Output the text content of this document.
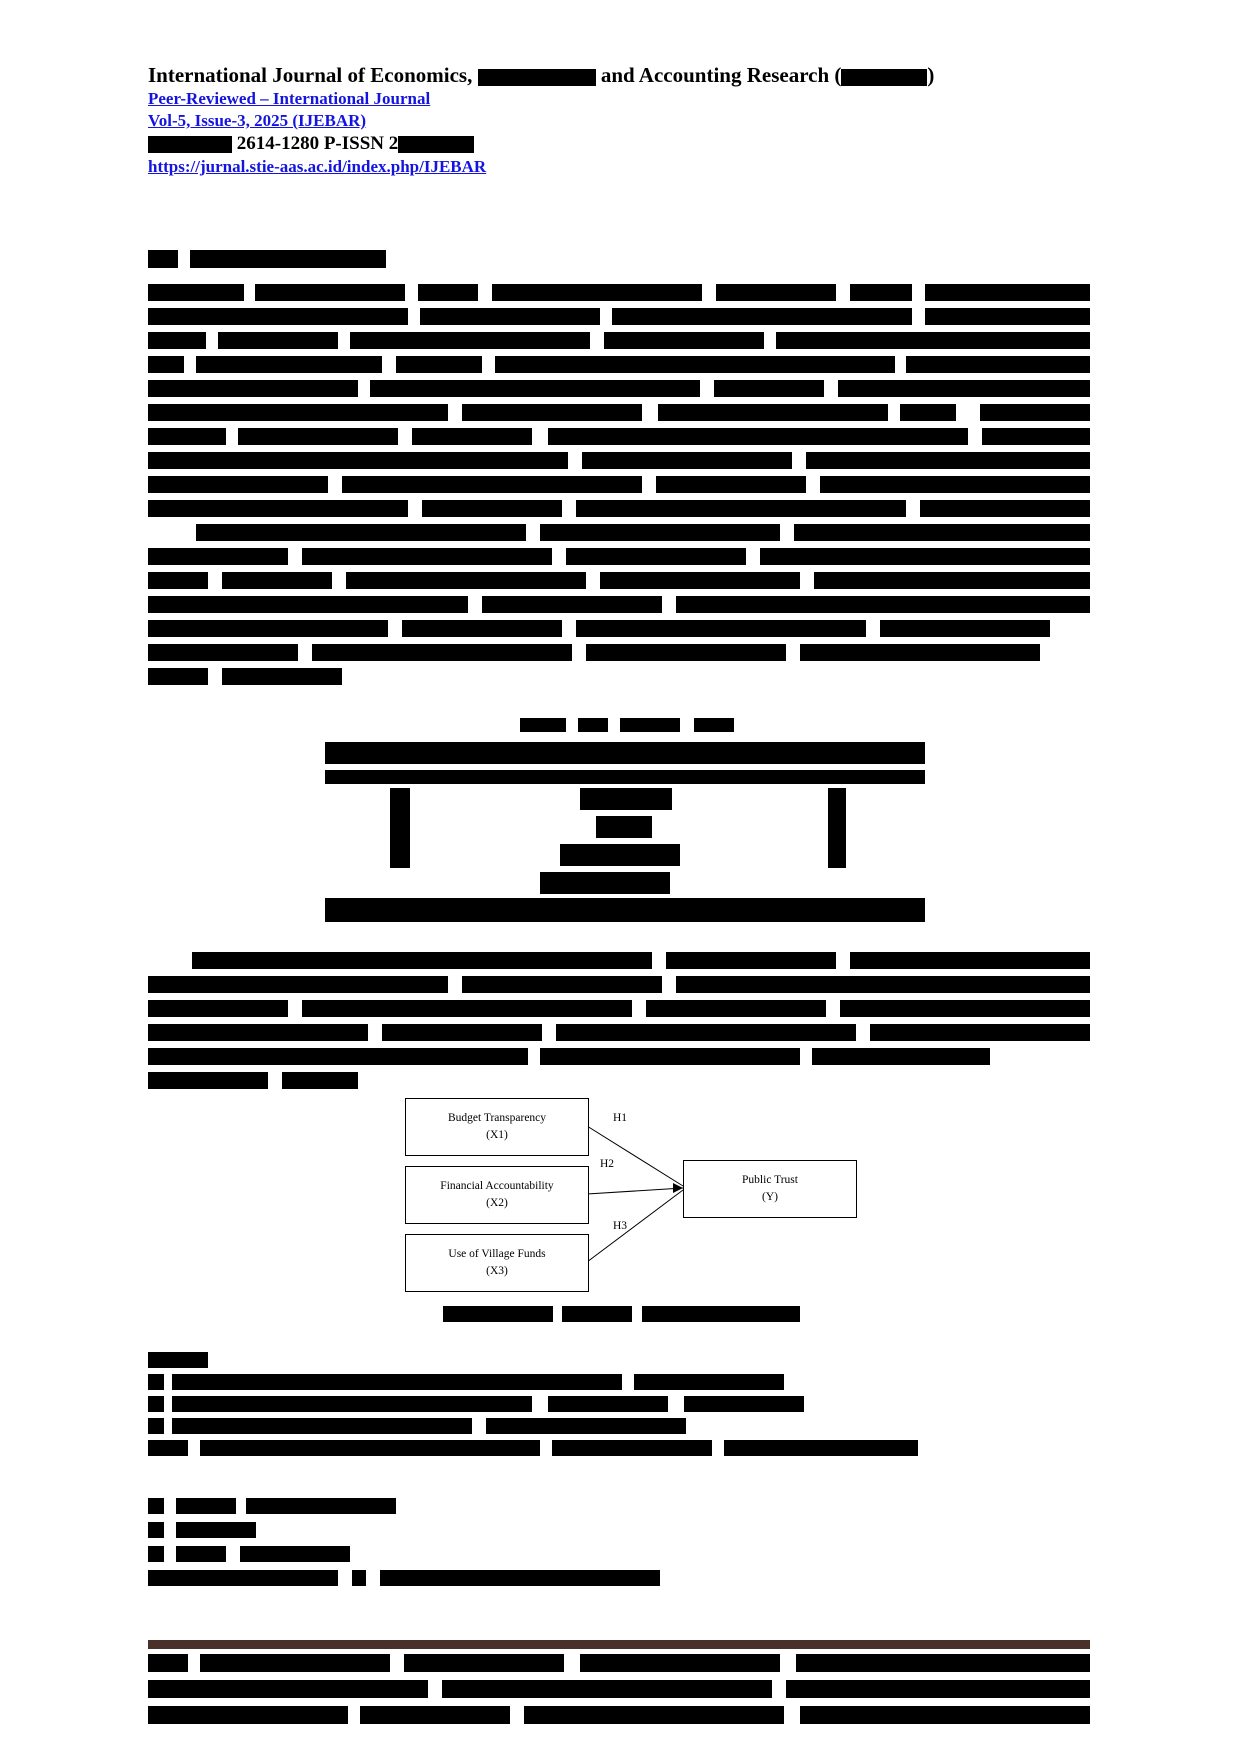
International Journal of Economics,	and Accounting Research (	)
Peer-Reviewed – International Journal
Vol-5, Issue-3, 2025 (IJEBAR)
2614-1280 P-ISSN 2
https://jurnal.stie-aas.ac.id/index.php/IJEBAR
Budget Transparency
(X1)
Financial Accountability
(X2)
Use of Village Funds
(X3)
Public Trust
(Y)
H1
H2
H3
